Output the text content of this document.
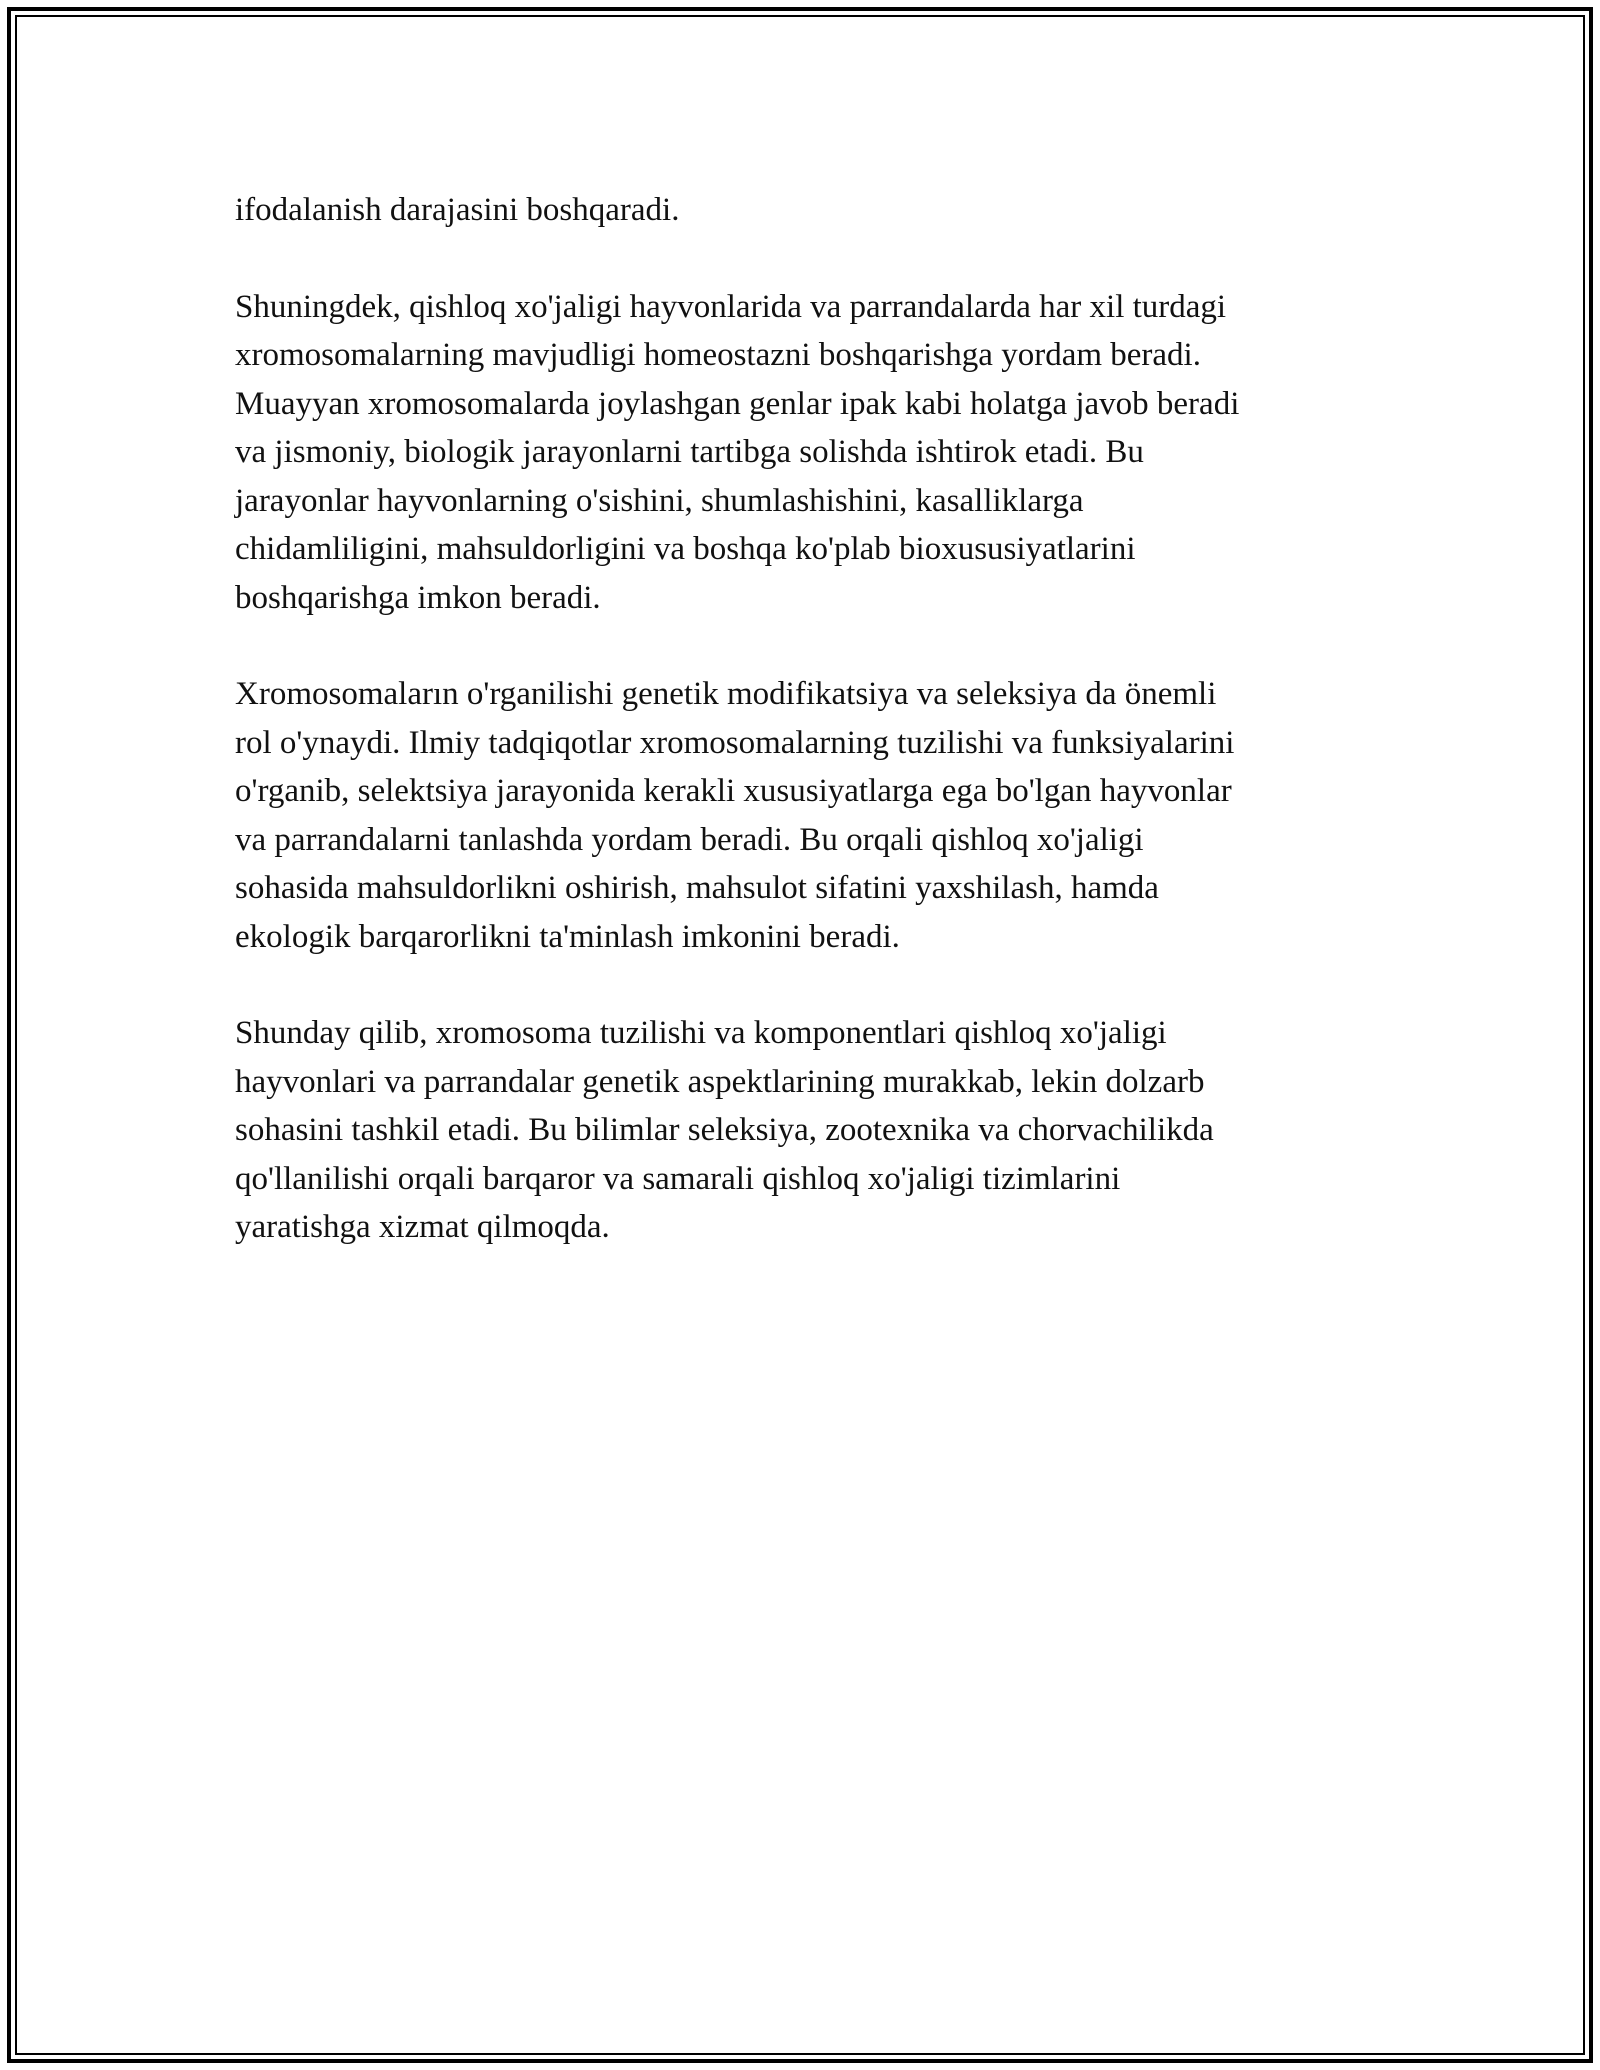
ifodalanish darajasini boshqaradi.
Shuningdek, qishloq xo'jaligi hayvonlarida va parrandalarda har xil turdagi
xromosomalarning mavjudligi homeostazni boshqarishga yordam beradi.
Muayyan xromosomalarda joylashgan genlar ipak kabi holatga javob beradi
va jismoniy, biologik jarayonlarni tartibga solishda ishtirok etadi. Bu
jarayonlar hayvonlarning o'sishini, shumlashishini, kasalliklarga
chidamliligini, mahsuldorligini va boshqa ko'plab bioxususiyatlarini
boshqarishga imkon beradi.
Xromosomaların o'rganilishi genetik modifikatsiya va seleksiya da önemli
rol o'ynaydi. Ilmiy tadqiqotlar xromosomalarning tuzilishi va funksiyalarini
o'rganib, selektsiya jarayonida kerakli xususiyatlarga ega bo'lgan hayvonlar
va parrandalarni tanlashda yordam beradi. Bu orqali qishloq xo'jaligi
sohasida mahsuldorlikni oshirish, mahsulot sifatini yaxshilash, hamda
ekologik barqarorlikni ta'minlash imkonini beradi.
Shunday qilib, xromosoma tuzilishi va komponentlari qishloq xo'jaligi
hayvonlari va parrandalar genetik aspektlarining murakkab, lekin dolzarb
sohasini tashkil etadi. Bu bilimlar seleksiya, zootexnika va chorvachilikda
qo'llanilishi orqali barqaror va samarali qishloq xo'jaligi tizimlarini
yaratishga xizmat qilmoqda.
